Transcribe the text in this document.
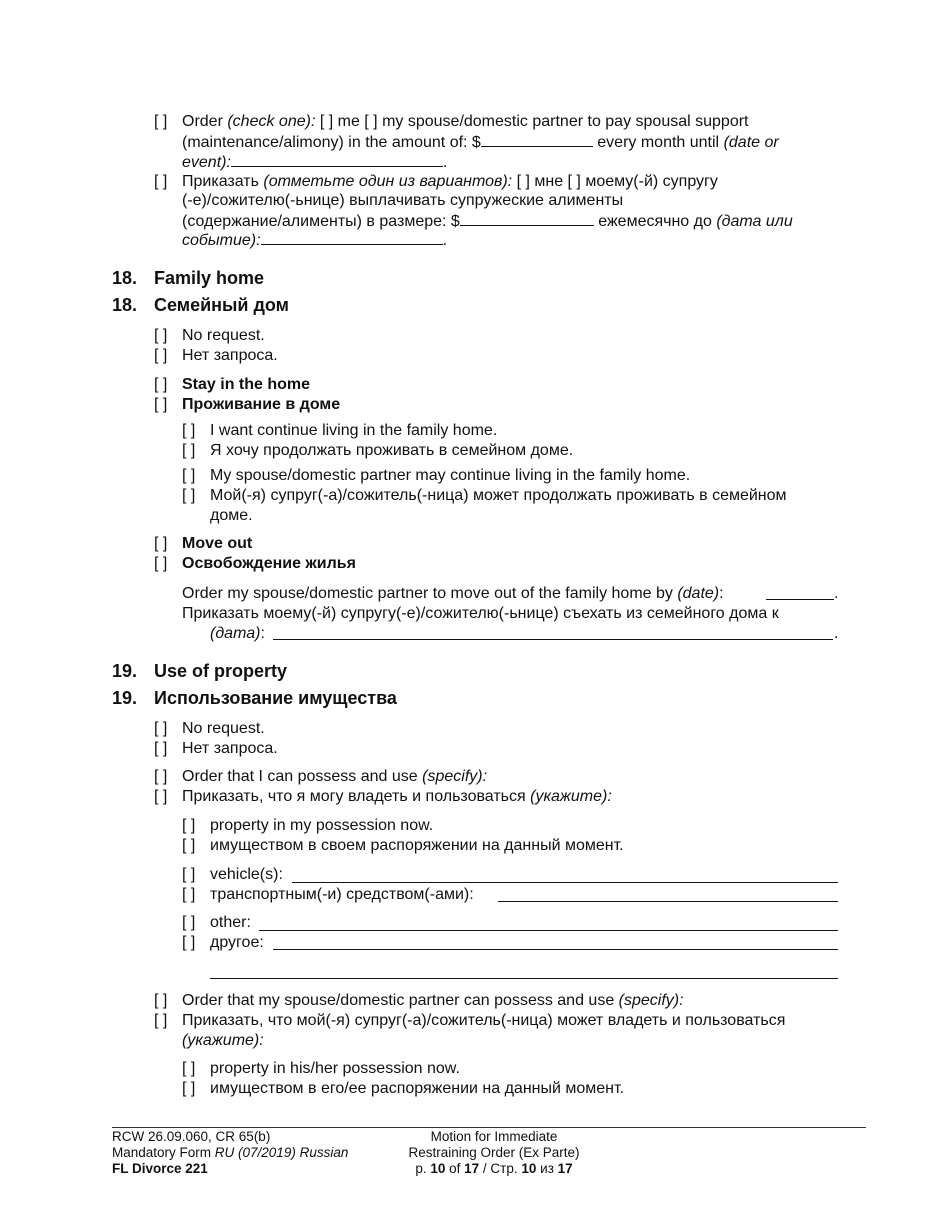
[ ] Order (check one): [ ] me [ ] my spouse/domestic partner to pay spousal support
(maintenance/alimony) in the amount of: $	every month until (date or
event):	.
[ ] Приказать (отметьте один из вариантов): [ ] мне [ ] моему(-й) супругу
(-е)/сожителю(-ьнице) выплачивать супружеские алименты
(содержание/алименты) в размере: $	ежемесячно до (дата или
событие):	.
18. Family home
18. Семейный дом
[ ] No request.
[ ] Нет запроса.
[ ] Stay in the home
[ ] Проживание в доме
[ ] I want continue living in the family home.
[ ] Я хочу продолжать проживать в семейном доме.
[ ] My spouse/domestic partner may continue living in the family home.
[ ] Мой(-я) супруг(-а)/сожитель(-ница) может продолжать проживать в семейном
доме.
[ ] Move out
[ ] Освобождение жилья
Order my spouse/domestic partner to move out of the family home by (date):	.
Приказать моему(-й) супругу(-е)/сожителю(-ьнице) съехать из семейного дома к
(дата):	.
19. Use of property
19. Использование имущества
[ ] No request.
[ ] Нет запроса.
[ ] Order that I can possess and use (specify):
[ ] Приказать, что я могу владеть и пользоваться (укажите):
[ ] property in my possession now.
[ ] имуществом в своем распоряжении на данный момент.
[ ] vehicle(s):
[ ] транспортным(-и) средством(-ами):
[ ] other:
[ ] другое:
[ ] Order that my spouse/domestic partner can possess and use (specify):
[ ] Приказать, что мой(-я) супруг(-а)/сожитель(-ница) может владеть и пользоваться
(укажите):
[ ] property in his/her possession now.
[ ] имуществом в его/ее распоряжении на данный момент.
RCW 26.09.060, CR 65(b)
Mandatory Form RU (07/2019) Russian
FL Divorce 221
Motion for Immediate
Restraining Order (Ex Parte)
p. 10 of 17 / Стр. 10 из 17
